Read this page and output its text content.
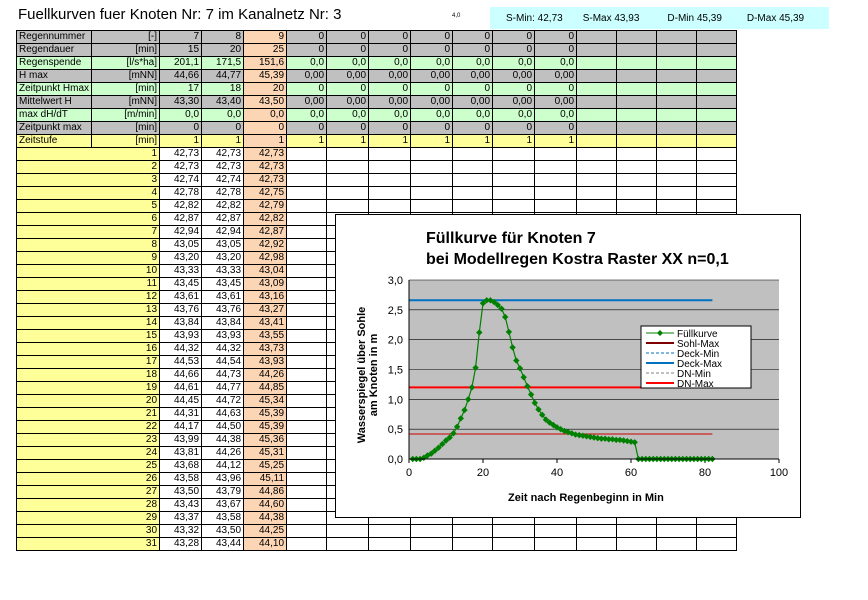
Fuellkurven fuer Knoten Nr: 7 im Kanalnetz Nr: 3	4,0	S-Min: 42,73 S-Max 43,93	D-Min 45,39	D-Max 45,39
Regennummer	[-]	7	8	9	0	0	0	0	0	0	0				
Regendauer	[min]	15	20	25	0	0	0	0	0	0	0				
Regenspende	[l/s*ha]	201,1	171,5	151,6	0,0	0,0	0,0	0,0	0,0	0,0	0,0				
H max	[mNN]	44,66	44,77	45,39	0,00	0,00	0,00	0,00	0,00	0,00	0,00				
Zeitpunkt Hmax	[min]	17	18	20	0	0	0	0	0	0	0				
Mittelwert H	[mNN]	43,30	43,40	43,50	0,00	0,00	0,00	0,00	0,00	0,00	0,00				
max dH/dT	[m/min]	0,0	0,0	0,0	0,0	0,0	0,0	0,0	0,0	0,0	0,0				
Zeitpunkt max	[min]	0	0	0	0	0	0	0	0	0	0				
Zeitstufe	[min]	1	1	1	1	1	1	1	1	1	1				
1		42,73	42,73	42,73											
2		42,73	42,73	42,73											
3		42,74	42,74	42,73											
4		42,78	42,78	42,75											
5		42,82	42,82	42,79											
6		42,87	42,87	42,82											
7		42,94	42,94	42,87											
8		43,05	43,05	42,92											
9		43,20	43,20	42,98											
10		43,33	43,33	43,04											
11		43,45	43,45	43,09											
12		43,61	43,61	43,16											
13		43,76	43,76	43,27											
14		43,84	43,84	43,41											
15		43,93	43,93	43,55											
16		44,32	44,32	43,73											
17		44,53	44,54	43,93											
18		44,66	44,73	44,26											
19		44,61	44,77	44,85											
20		44,45	44,72	45,34											
21		44,31	44,63	45,39											
22		44,17	44,50	45,39											
23		43,99	44,38	45,36											
24		43,81	44,26	45,31											
25		43,68	44,12	45,25											
26		43,58	43,96	45,11											
27		43,50	43,79	44,86											
28		43,43	43,67	44,60											
29		43,37	43,58	44,38											
30		43,32	43,50	44,25											
31		43,28	43,44	44,10											
Füllkurve für Knoten 7
bei Modellregen Kostra Raster XX n=0,1
0,0
0,5
1,0
1,5
2,0
2,5
3,0
0	20	40	60	80	100
Zeit nach Regenbeginn in Min
Wasserspiegel über Sohle am Knoten in m	Füllkurve
Sohl-Max
Deck-Min
Deck-Max
DN-Min
DN-Max
